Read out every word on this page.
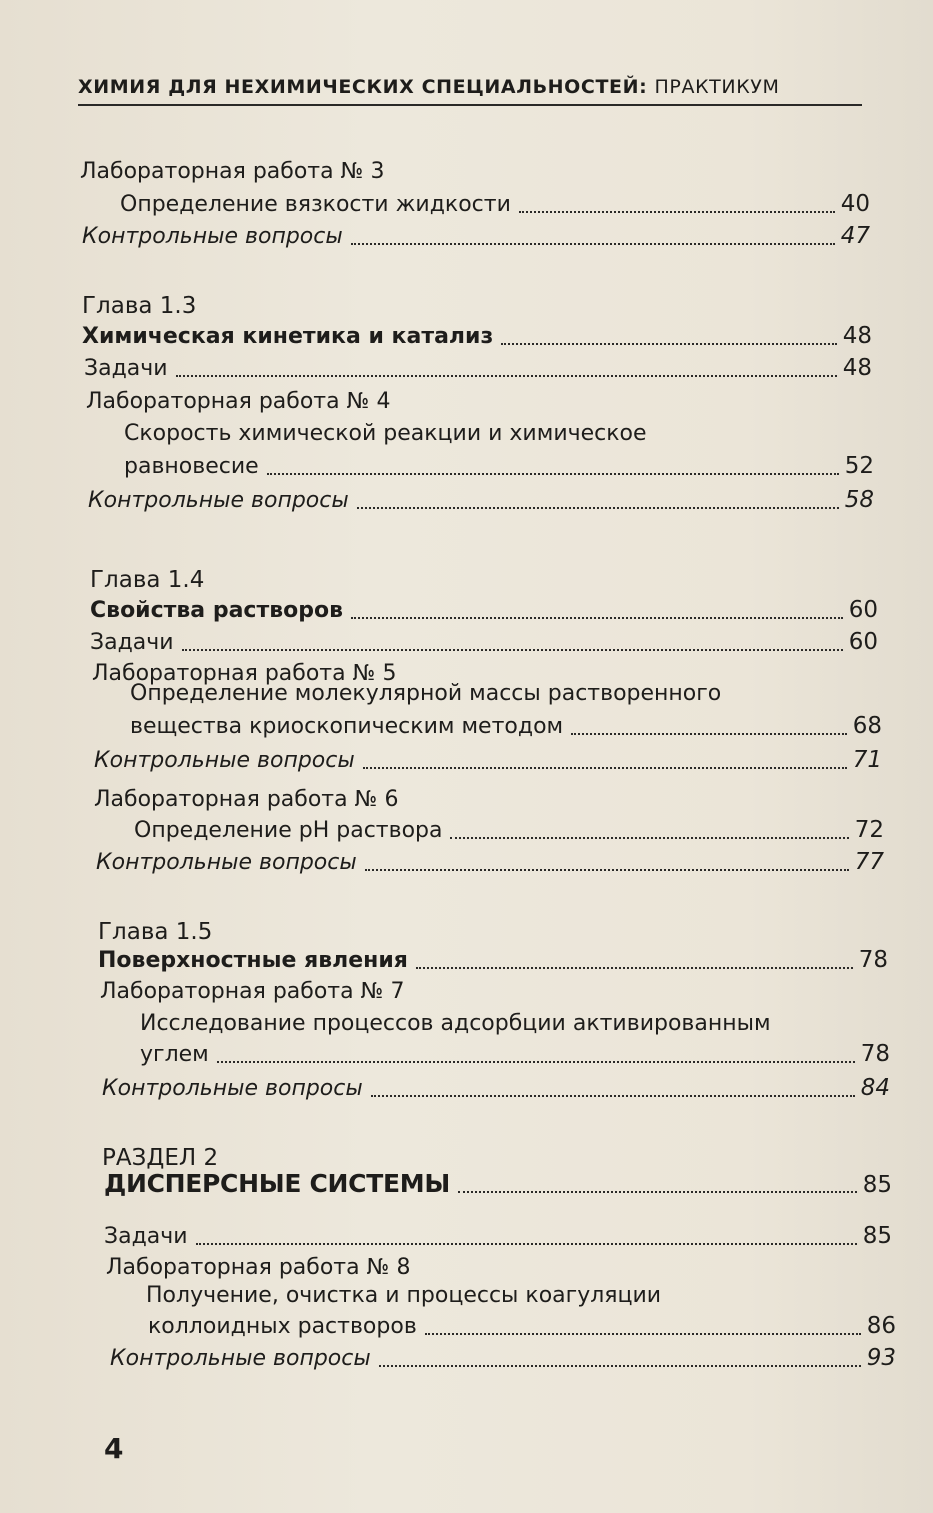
ХИМИЯ ДЛЯ НЕХИМИЧЕСКИХ СПЕЦИАЛЬНОСТЕЙ: ПРАКТИКУМ
Лабораторная работа № 3
Определение вязкости жидкости	40
Контрольные вопросы	47
Глава 1.3
Химическая кинетика и катализ	48
Задачи	48
Лабораторная работа № 4
Скорость химической реакции и химическое
равновесие	52
Контрольные вопросы	58
Глава 1.4
Свойства растворов	60
Задачи	60
Лабораторная работа № 5
Определение молекулярной массы растворенного
вещества криоскопическим методом	68
Контрольные вопросы	71
Лабораторная работа № 6
Определение pH раствора	72
Контрольные вопросы	77
Глава 1.5
Поверхностные явления	78
Лабораторная работа № 7
Исследование процессов адсорбции активированным
углем	78
Контрольные вопросы	84
РАЗДЕЛ 2
ДИСПЕРСНЫЕ СИСТЕМЫ	85
Задачи	85
Лабораторная работа № 8
Получение, очистка и процессы коагуляции
коллоидных растворов	86
Контрольные вопросы	93
4
